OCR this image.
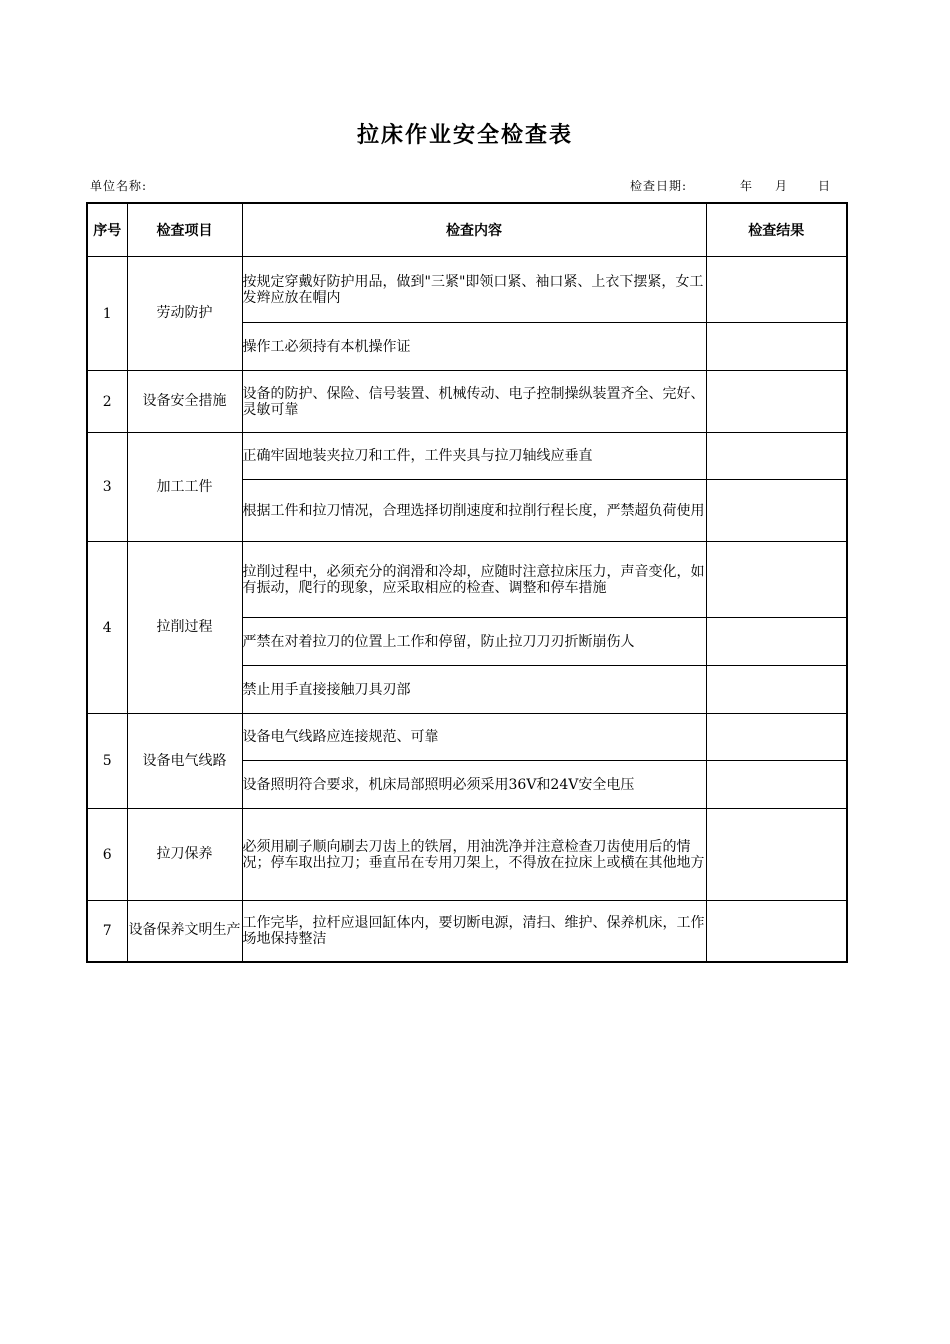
拉床作业安全检查表
单位名称:	检查日期:	年 月 日
序号	检查项目	检查内容	检查结果
1	劳动防护	按规定穿戴好防护用品，做到"三紧"即领口紧、袖口紧、上衣下摆紧，女工发辫应放在帽内	
		操作工必须持有本机操作证	
2	设备安全措施	设备的防护、保险、信号装置、机械传动、电子控制操纵装置齐全、完好、灵敏可靠	
3	加工工件	正确牢固地装夹拉刀和工件，工件夹具与拉刀轴线应垂直	
		根据工件和拉刀情况，合理选择切削速度和拉削行程长度，严禁超负荷使用	
4	拉削过程	拉削过程中，必须充分的润滑和冷却，应随时注意拉床压力，声音变化，如有振动，爬行的现象，应采取相应的检查、调整和停车措施	
		严禁在对着拉刀的位置上工作和停留，防止拉刀刀刃折断崩伤人	
		禁止用手直接接触刀具刃部	
5	设备电气线路	设备电气线路应连接规范、可靠	
		设备照明符合要求，机床局部照明必须采用36V和24V安全电压	
6	拉刀保养	必须用刷子顺向刷去刀齿上的铁屑，用油洗净并注意检查刀齿使用后的情况；停车取出拉刀；垂直吊在专用刀架上，不得放在拉床上或横在其他地方	
7	设备保养文明生产	工作完毕，拉杆应退回缸体内，要切断电源，清扫、维护、保养机床，工作场地保持整洁	
